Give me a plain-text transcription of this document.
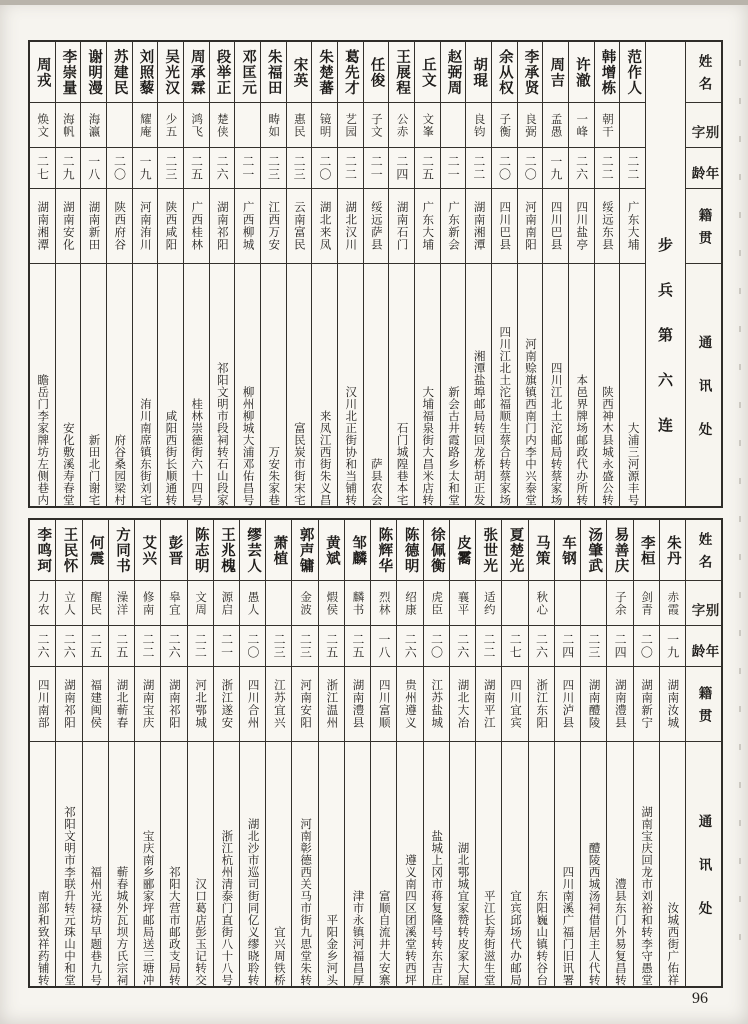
姓名
别字
年龄
籍贯
通讯处
步兵第六连
范作人
二二
广东大埔
大浦三河源丰号
韩增栋
朝干
二二
绥远东县
陕西神木县城永盛公转
许澈
一峰
二六
四川盐亭
本邑界牌场邮政代办所转
周吉
孟愚
一九
四川巴县
四川江北土沱邮局转蔡家场
李承贤
良弼
二〇
河南南阳
河南赊旗镇西南门内李中兴泰堂
余从权
子衡
二〇
四川巴县
四川江北土沱福顺生蔡合转蔡家场
胡琨
良钧
二二
湖南湘潭
湘潭盐埠邮局转回龙桥胡正发
赵弼周
二一
广东新会
新会古井霞路乡太和堂
丘文
文峯
二五
广东大埔
大埔福泉街大昌米店转
王展程
公赤
二四
湖南石门
石门城隍巷本宅
任俊
子文
二一
绥远萨县
萨县农会
葛先才
艺园
二二
湖北汉川
汉川北正街协和当铺转
朱楚蕃
镜明
二〇
湖北来凤
来凤江西街朱义昌
宋英
惠民
二三
云南富民
富民炭市街宋宅
朱福田
畴如
二三
江西万安
万安朱家巷
邓匡元
二一
广西柳城
柳州柳城大浦邓佑昌号
段举正
楚侠
二六
湖南祁阳
祁阳文明市段祠转石山段家
周承霖
鸿飞
二五
广西桂林
桂林崇德街六十四号
吴光汉
少五
二三
陕西咸阳
咸阳西街长顺通转
刘照藜
耀庵
一九
河南洧川
洧川南席镇东街刘宅
苏建民
二〇
陕西府谷
府谷桑园梁村
谢明漫
海瀛
一八
湖南新田
新田北门谢宅
李崇量
海帆
二九
湖南安化
安化敷溪寿春堂
周戎
焕文
二七
湖南湘潭
瞻岳门李家牌坊左侧巷内
姓名
别字
年龄
籍贯
通讯处
朱丹
赤霞
一九
湖南汝城
汝城西街广佑祥
李桓
剑青
二〇
湖南新宁
湖南宝庆回龙市刘裕和转李守愚堂
易善庆
子余
二四
湖南澧县
澧县东门外易复昌转
汤肇武
二三
湖南醴陵
醴陵西城汤祠借居主人代转
车钢
二四
四川泸县
四川南溪广福门旧讯署
马策
秋心
二六
浙江东阳
东阳巍山镇转谷台
夏楚光
二七
四川宜宾
宜宾邱场代办邮局
张世光
适约
二二
湖南平江
平江长寿街滋生堂
皮霱
襄平
二六
湖北大冶
湖北鄂城宜家赞转皮家大屋
徐佩衡
虎臣
二〇
江苏盐城
盐城上冈市蒋复隆号转东吉庄
陈德明
绍康
二六
贵州遵义
遵义南四区团溪堂转西坪
陈辉华
烈林
一八
四川富顺
富顺自流井大安寨
邹麟
麟书
二五
湖南澧县
津市永镇河福昌厚
黄斌
煆侯
二五
浙江温州
平阳金乡河头
郭声镛
金波
二三
河南安阳
河南彰德西关马市街九思堂朱转
萧植
二三
江苏宜兴
宜兴周铁桥
缪芸人
愚人
二〇
四川合州
湖北沙市巡司街同亿义缪晓聆转
王兆槐
源启
二一
浙江遂安
浙江杭州清泰门直街八十八号
陈志明
文周
二二
河北鄂城
汉口葛店彭玉记转交
彭晋
皋宜
二六
湖南祁阳
祁阳大营市邮政支局转
艾兴
修南
二二
湖南宝庆
宝庆南乡郦家坪邮局送三塘冲
方同书
澡洋
二五
湖北蕲春
蕲春城外瓦坝方氏宗祠
何震
醒民
二五
福建闽侯
福州光禄坊早题巷九号
王民怀
立人
二六
湖南祁阳
祁阳文明市李联升转元珠山中和堂
李鸣珂
力农
二六
四川南部
南部和致祥药铺转
96
